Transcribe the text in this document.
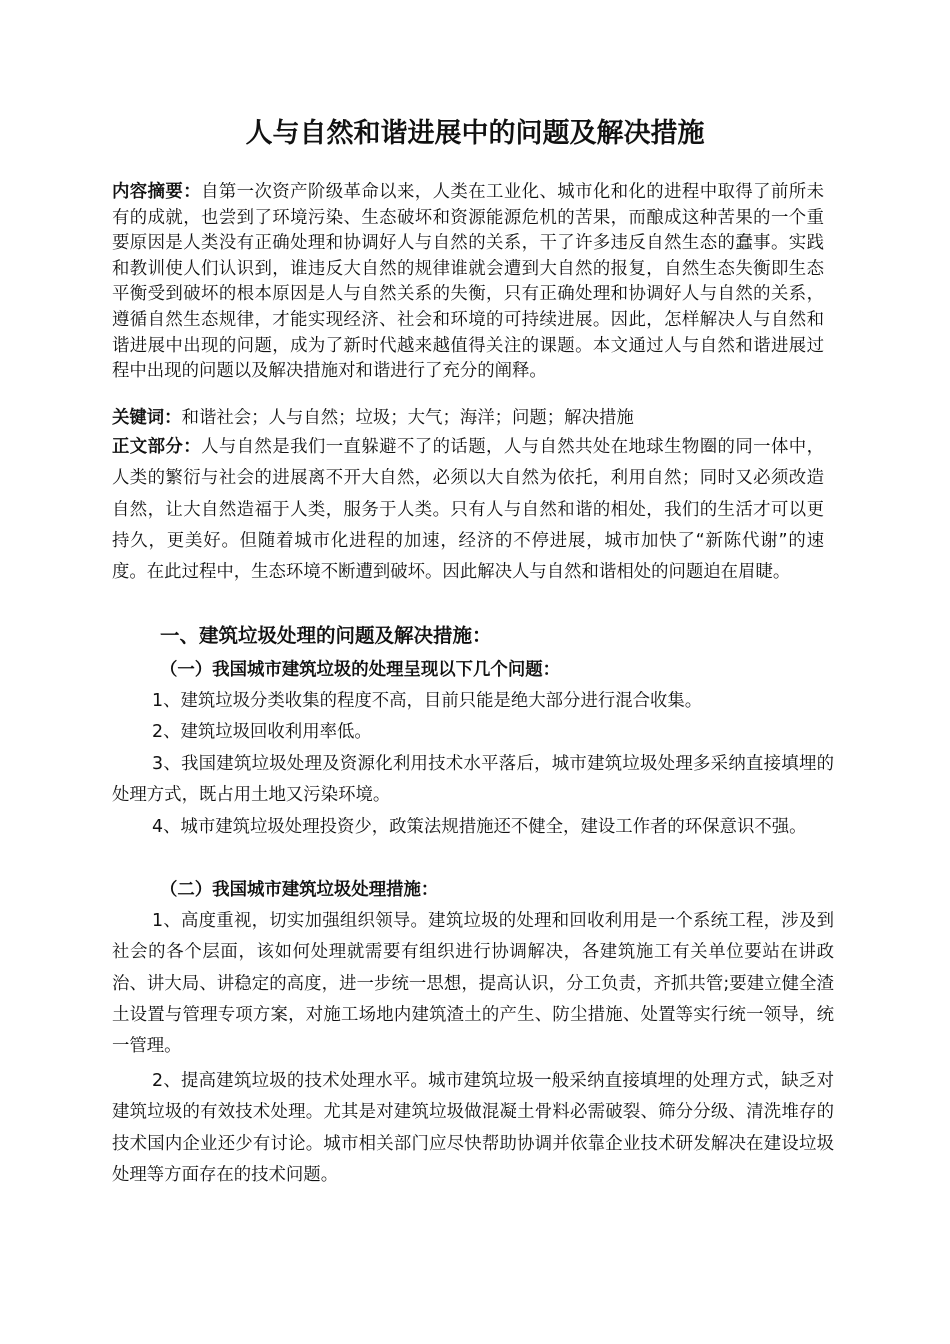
人与自然和谐进展中的问题及解决措施

内容摘要：自第一次资产阶级革命以来，人类在工业化、城市化和化的进程中取得了前所未有的成就，也尝到了环境污染、生态破坏和资源能源危机的苦果，而酿成这种苦果的一个重要原因是人类没有正确处理和协调好人与自然的关系，干了许多违反自然生态的蠢事。实践和教训使人们认识到，谁违反大自然的规律谁就会遭到大自然的报复，自然生态失衡即生态平衡受到破坏的根本原因是人与自然关系的失衡，只有正确处理和协调好人与自然的关系，遵循自然生态规律，才能实现经济、社会和环境的可持续进展。因此，怎样解决人与自然和谐进展中出现的问题，成为了新时代越来越值得关注的课题。本文通过人与自然和谐进展过程中出现的问题以及解决措施对和谐进行了充分的阐释。

关键词：和谐社会；人与自然；垃圾；大气；海洋；问题；解决措施

正文部分：人与自然是我们一直躲避不了的话题，人与自然共处在地球生物圈的同一体中，人类的繁衍与社会的进展离不开大自然，必须以大自然为依托，利用自然；同时又必须改造自然，让大自然造福于人类，服务于人类。只有人与自然和谐的相处，我们的生活才可以更持久，更美好。但随着城市化进程的加速，经济的不停进展，城市加快了“新陈代谢”的速度。在此过程中，生态环境不断遭到破坏。因此解决人与自然和谐相处的问题迫在眉睫。

一、建筑垃圾处理的问题及解决措施：
（一）我国城市建筑垃圾的处理呈现以下几个问题：

1、建筑垃圾分类收集的程度不高，目前只能是绝大部分进行混合收集。

2、建筑垃圾回收利用率低。

3、我国建筑垃圾处理及资源化利用技术水平落后，城市建筑垃圾处理多采纳直接填埋的处理方式，既占用土地又污染环境。

4、城市建筑垃圾处理投资少，政策法规措施还不健全，建设工作者的环保意识不强。

（二）我国城市建筑垃圾处理措施：

1、高度重视，切实加强组织领导。建筑垃圾的处理和回收利用是一个系统工程，涉及到社会的各个层面，该如何处理就需要有组织进行协调解决，各建筑施工有关单位要站在讲政治、讲大局、讲稳定的高度，进一步统一思想，提高认识，分工负责，齐抓共管;要建立健全渣土设置与管理专项方案，对施工场地内建筑渣土的产生、防尘措施、处置等实行统一领导，统一管理。

2、提高建筑垃圾的技术处理水平。城市建筑垃圾一般采纳直接填埋的处理方式，缺乏对建筑垃圾的有效技术处理。尤其是对建筑垃圾做混凝土骨料必需破裂、筛分分级、清洗堆存的技术国内企业还少有讨论。城市相关部门应尽快帮助协调并依靠企业技术研发解决在建设垃圾处理等方面存在的技术问题。
